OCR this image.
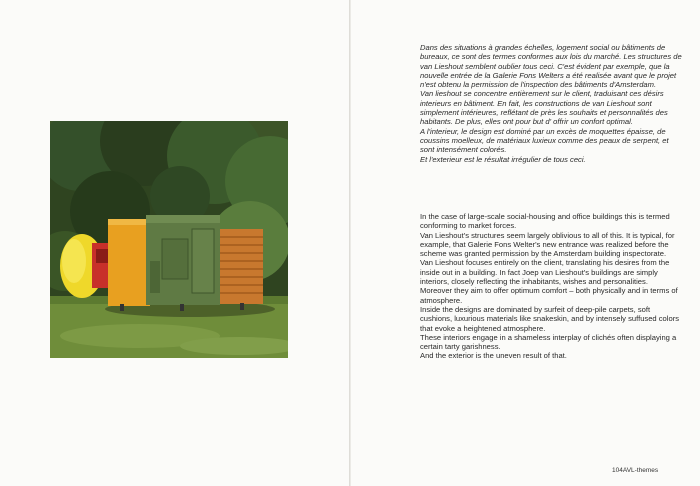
Dans des situations à grandes échelles, logement social ou bâtiments de bureaux, ce sont des termes conformes aux lois du marché. Les structures de van Lieshout semblent oublier tous ceci. C'est évident par exemple, que la nouvelle entrée de la Galerie Fons Welters a été realisée avant que le projet n'est obtenu la permission de l'inspection des bâtiments d'Amsterdam.

Van lieshout se concentre entièrement sur le client, traduisant ces désirs interieurs en bâtiment. En fait, les constructions de van Lieshout sont simplement intérieures, reflétant de près les souhaits et personnalités des habitants. De plus, elles ont pour but d' offrir un confort optimal.

A l'interieur, le design est dominé par un excès de moquettes épaisse, de coussins moelleux, de matériaux luxieux comme des peaux de serpent, et sont intensément colorés.

Et l'exterieur est le résultat irrégulier de tous ceci.

In the case of large-scale social-housing and office buildings this is termed conforming to market forces.

Van Lieshout's structures seem largely oblivious to all of this. It is typical, for example, that Galerie Fons Welter's new entrance was realized before the scheme was granted permission by the Amsterdam building inspectorate.

Van Lieshout focuses entirely on the client, translating his desires from the inside out in a building. In fact Joep van Lieshout's buildings are simply interiors, closely reflecting the inhabitants, wishes and personalities. Moreover they aim to offer optimum comfort – both physically and in terms of atmosphere.

Inside the designs are dominated by surfeit of deep-pile carpets, soft cushions, luxurious materials like snakeskin, and by intensely suffused colors that evoke a heightened atmosphere.

These interiors engage in a shameless interplay of clichés often displaying a certain tarty garishness.

And the exterior is the uneven result of that.

104AVL-themes
